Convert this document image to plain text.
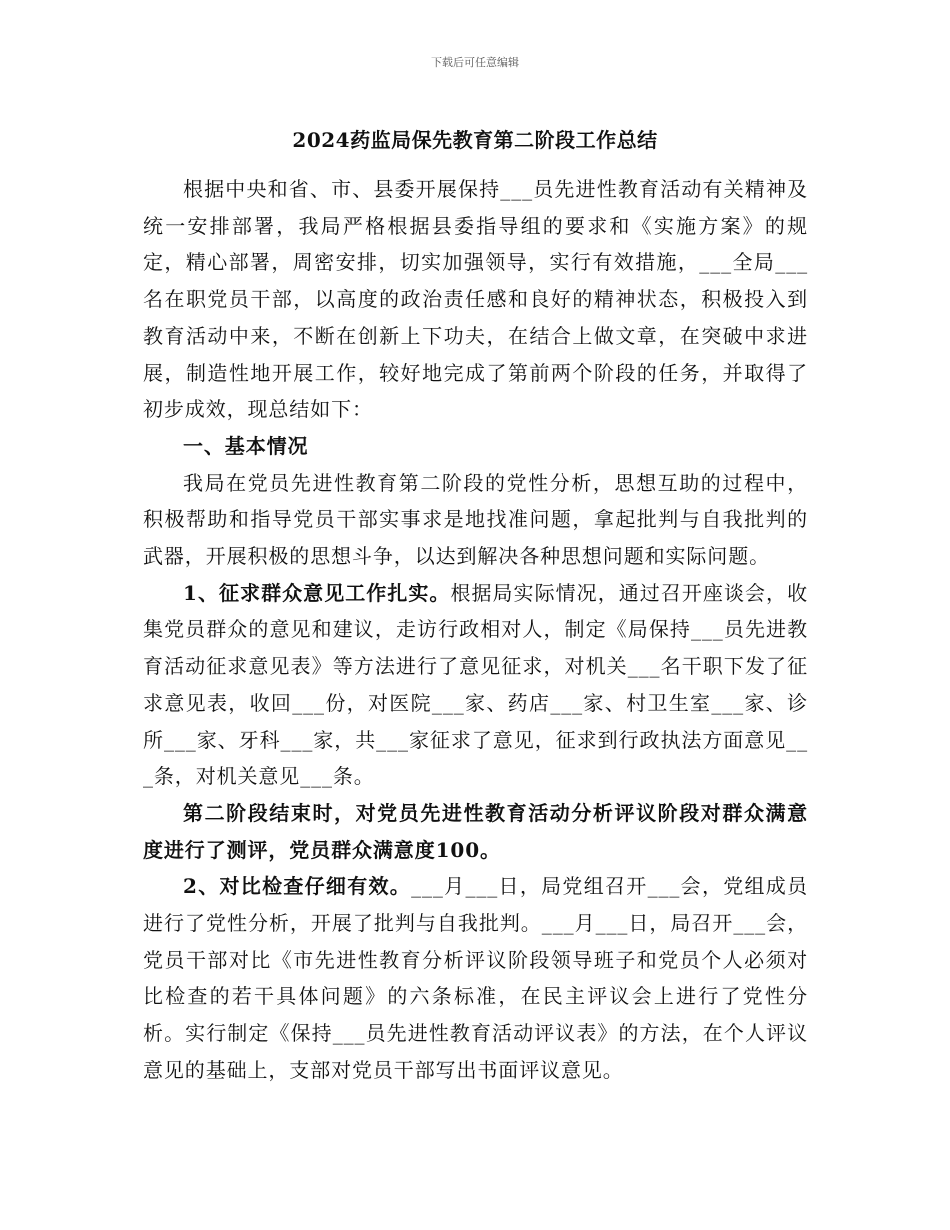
下载后可任意编辑
2024药监局保先教育第二阶段工作总结

根据中央和省、市、县委开展保持___员先进性教育活动有关精神及统一安排部署，我局严格根据县委指导组的要求和《实施方案》的规定，精心部署，周密安排，切实加强领导，实行有效措施，___全局___名在职党员干部，以高度的政治责任感和良好的精神状态，积极投入到教育活动中来，不断在创新上下功夫，在结合上做文章，在突破中求进展，制造性地开展工作，较好地完成了第前两个阶段的任务，并取得了初步成效，现总结如下：

一、基本情况

我局在党员先进性教育第二阶段的党性分析，思想互助的过程中，积极帮助和指导党员干部实事求是地找准问题，拿起批判与自我批判的武器，开展积极的思想斗争，以达到解决各种思想问题和实际问题。

1、征求群众意见工作扎实。根据局实际情况，通过召开座谈会，收集党员群众的意见和建议，走访行政相对人，制定《局保持___员先进教育活动征求意见表》等方法进行了意见征求，对机关___名干职下发了征求意见表，收回___份，对医院___家、药店___家、村卫生室___家、诊所___家、牙科___家，共___家征求了意见，征求到行政执法方面意见___条，对机关意见___条。

第二阶段结束时，对党员先进性教育活动分析评议阶段对群众满意度进行了测评，党员群众满意度100。

2、对比检查仔细有效。___月___日，局党组召开___会，党组成员进行了党性分析，开展了批判与自我批判。___月___日，局召开___会，党员干部对比《市先进性教育分析评议阶段领导班子和党员个人必须对比检查的若干具体问题》的六条标准，在民主评议会上进行了党性分析。实行制定《保持___员先进性教育活动评议表》的方法，在个人评议意见的基础上，支部对党员干部写出书面评议意见。
